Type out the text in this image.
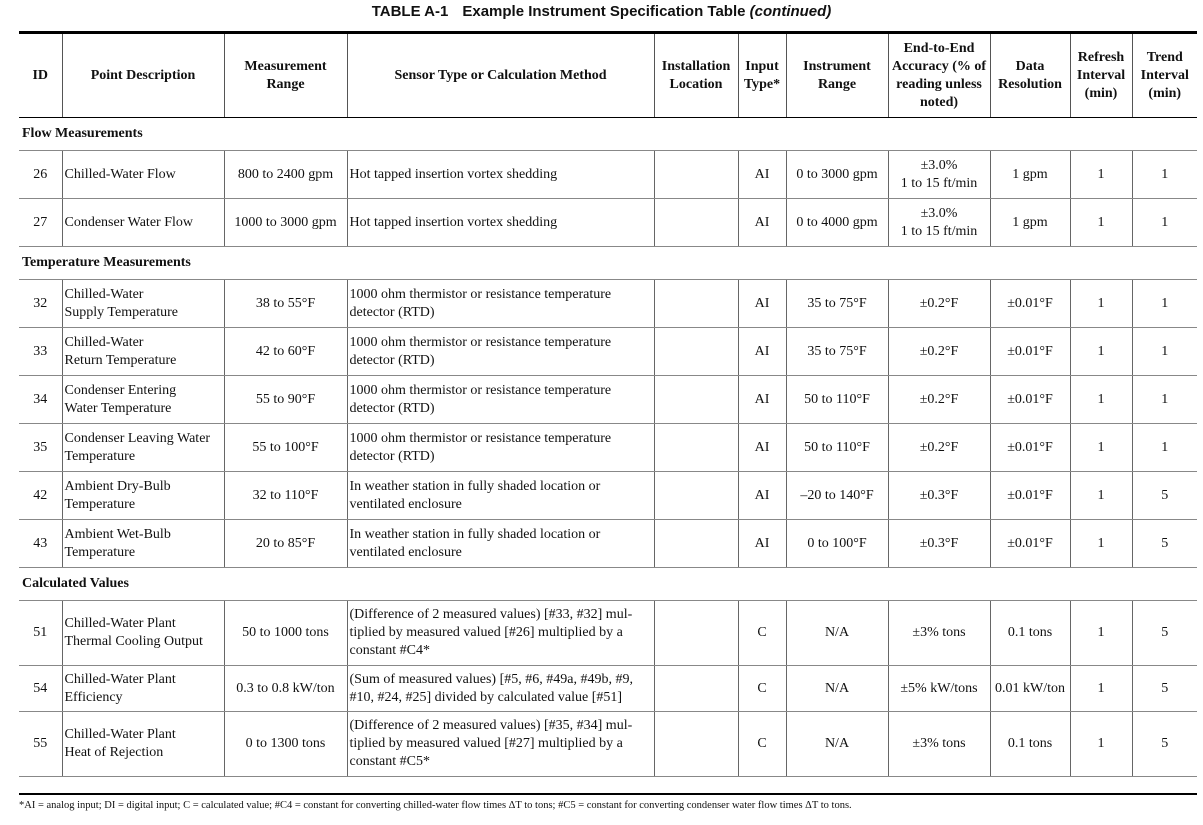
TABLE A-1 Example Instrument Specification Table (continued)
ID	Point Description	Measurement Range	Sensor Type or Calculation Method	Installation Location	Input Type*	Instrument Range	End-to-End Accuracy (% of reading unless noted)	Data Resolution	Refresh Interval (min)	Trend Interval (min)
Flow Measurements										
26	Chilled-Water Flow	800 to 2400 gpm	Hot tapped insertion vortex shedding		AI	0 to 3000 gpm	±3.0%
1 to 15 ft/min	1 gpm	1	1
27	Condenser Water Flow	1000 to 3000 gpm	Hot tapped insertion vortex shedding		AI	0 to 4000 gpm	±3.0%
1 to 15 ft/min	1 gpm	1	1
Temperature Measurements										
32	Chilled-Water
Supply Temperature	38 to 55°F	1000 ohm thermistor or resistance temperature
detector (RTD)		AI	35 to 75°F	±0.2°F	±0.01°F	1	1
33	Chilled-Water
Return Temperature	42 to 60°F	1000 ohm thermistor or resistance temperature
detector (RTD)		AI	35 to 75°F	±0.2°F	±0.01°F	1	1
34	Condenser Entering
Water Temperature	55 to 90°F	1000 ohm thermistor or resistance temperature
detector (RTD)		AI	50 to 110°F	±0.2°F	±0.01°F	1	1
35	Condenser Leaving Water
Temperature	55 to 100°F	1000 ohm thermistor or resistance temperature
detector (RTD)		AI	50 to 110°F	±0.2°F	±0.01°F	1	1
42	Ambient Dry-Bulb
Temperature	32 to 110°F	In weather station in fully shaded location or
ventilated enclosure		AI	–20 to 140°F	±0.3°F	±0.01°F	1	5
43	Ambient Wet-Bulb
Temperature	20 to 85°F	In weather station in fully shaded location or
ventilated enclosure		AI	0 to 100°F	±0.3°F	±0.01°F	1	5
Calculated Values										
51	Chilled-Water Plant
Thermal Cooling Output	50 to 1000 tons	(Difference of 2 measured values) [#33, #32] mul-
tiplied by measured valued [#26] multiplied by a
constant #C4*		C	N/A	±3% tons	0.1 tons	1	5
54	Chilled-Water Plant
Efficiency	0.3 to 0.8 kW/ton	(Sum of measured values) [#5, #6, #49a, #49b, #9,
#10, #24, #25] divided by calculated value [#51]		C	N/A	±5% kW/tons	0.01 kW/ton	1	5
55	Chilled-Water Plant
Heat of Rejection	0 to 1300 tons	(Difference of 2 measured values) [#35, #34] mul-
tiplied by measured valued [#27] multiplied by a
constant #C5*		C	N/A	±3% tons	0.1 tons	1	5
*AI = analog input; DI = digital input; C = calculated value; #C4 = constant for converting chilled-water flow times ΔT to tons; #C5 = constant for converting condenser water flow times ΔT to tons.
